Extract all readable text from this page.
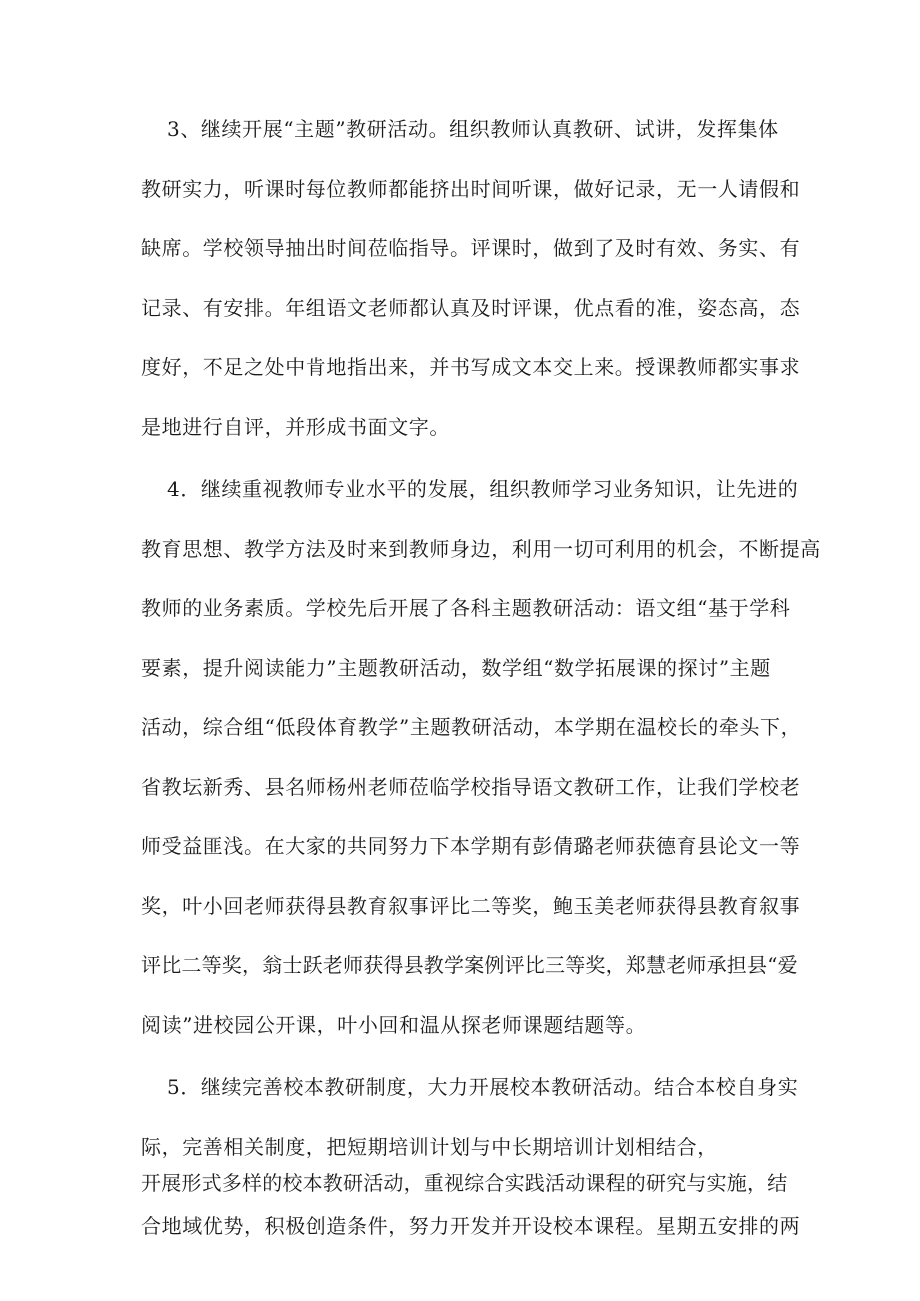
3、继续开展“主题”教研活动。组织教师认真教研、试讲，发挥集体
教研实力，听课时每位教师都能挤出时间听课，做好记录，无一人请假和
缺席。学校领导抽出时间莅临指导。评课时，做到了及时有效、务实、有
记录、有安排。年组语文老师都认真及时评课，优点看的准，姿态高，态
度好，不足之处中肯地指出来，并书写成文本交上来。授课教师都实事求
是地进行自评，并形成书面文字。
4．继续重视教师专业水平的发展，组织教师学习业务知识，让先进的
教育思想、教学方法及时来到教师身边，利用一切可利用的机会，不断提高
教师的业务素质。学校先后开展了各科主题教研活动：语文组“基于学科
要素，提升阅读能力”主题教研活动，数学组“数学拓展课的探讨”主题
活动，综合组“低段体育教学”主题教研活动，本学期在温校长的牵头下，
省教坛新秀、县名师杨州老师莅临学校指导语文教研工作，让我们学校老
师受益匪浅。在大家的共同努力下本学期有彭倩璐老师获德育县论文一等
奖，叶小回老师获得县教育叙事评比二等奖，鲍玉美老师获得县教育叙事
评比二等奖，翁士跃老师获得县教学案例评比三等奖，郑慧老师承担县“爱
阅读”进校园公开课，叶小回和温从探老师课题结题等。
5．继续完善校本教研制度，大力开展校本教研活动。结合本校自身实
际，完善相关制度，把短期培训计划与中长期培训计划相结合，
开展形式多样的校本教研活动，重视综合实践活动课程的研究与实施，结
合地域优势，积极创造条件，努力开发并开设校本课程。星期五安排的两
